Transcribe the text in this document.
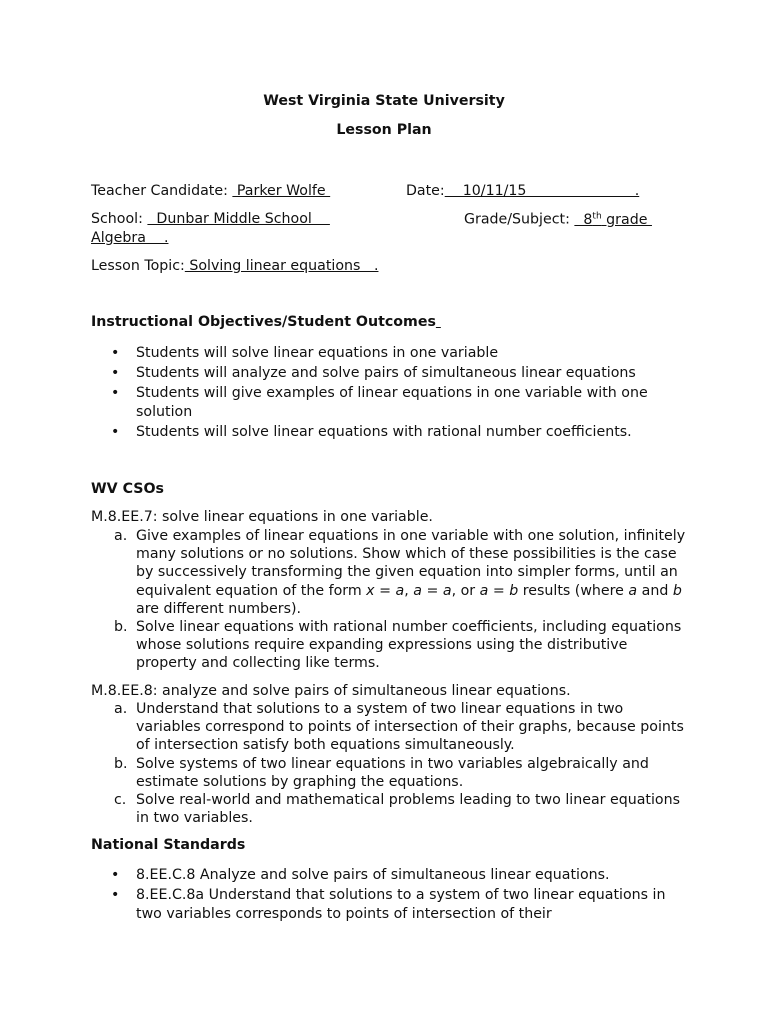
West Virginia State University
Lesson Plan
Teacher Candidate:  Parker Wolfe	Date:    10/11/15                        .
School:   Dunbar Middle School	Grade/Subject:   8th grade
Algebra    .
Lesson Topic: Solving linear equations   .
Instructional Objectives/Student Outcomes
• Students will solve linear equations in one variable
• Students will analyze and solve pairs of simultaneous linear equations
• Students will give examples of linear equations in one variable with one solution
• Students will solve linear equations with rational number coefficients.
WV CSOs
M.8.EE.7: solve linear equations in one variable.
a. Give examples of linear equations in one variable with one solution, infinitely many solutions or no solutions. Show which of these possibilities is the case by successively transforming the given equation into simpler forms, until an equivalent equation of the form x = a, a = a, or a = b results (where a and b are different numbers).
b. Solve linear equations with rational number coefficients, including equations whose solutions require expanding expressions using the distributive property and collecting like terms.
M.8.EE.8: analyze and solve pairs of simultaneous linear equations.
a. Understand that solutions to a system of two linear equations in two variables correspond to points of intersection of their graphs, because points of intersection satisfy both equations simultaneously.
b. Solve systems of two linear equations in two variables algebraically and estimate solutions by graphing the equations.
c. Solve real-world and mathematical problems leading to two linear equations in two variables.
National Standards
• 8.EE.C.8 Analyze and solve pairs of simultaneous linear equations.
• 8.EE.C.8a Understand that solutions to a system of two linear equations in two variables corresponds to points of intersection of their
